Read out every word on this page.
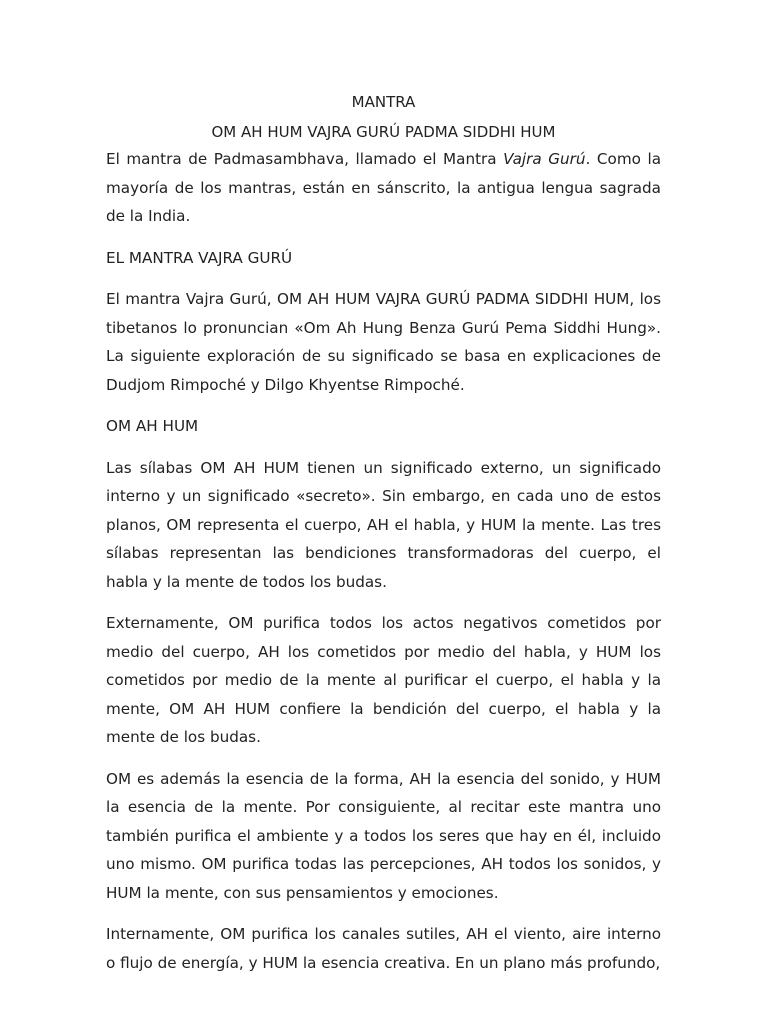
MANTRA
OM AH HUM VAJRA GURÚ PADMA SIDDHI HUM

El mantra de Padmasambhava, llamado el Mantra Vajra Gurú. Como la mayoría de los mantras, están en sánscrito, la antigua lengua sagrada de la India.

EL MANTRA VAJRA GURÚ

El mantra Vajra Gurú, OM AH HUM VAJRA GURÚ PADMA SIDDHI HUM, los tibetanos lo pronuncian «Om Ah Hung Benza Gurú Pema Siddhi Hung». La siguiente exploración de su significado se basa en explicaciones de Dudjom Rimpoché y Dilgo Khyentse Rimpoché.

OM AH HUM

Las sílabas OM AH HUM tienen un significado externo, un significado interno y un significado «secreto». Sin embargo, en cada uno de estos planos, OM representa el cuerpo, AH el habla, y HUM la mente. Las tres sílabas representan las bendiciones transformadoras del cuerpo, el habla y la mente de todos los budas.

Externamente, OM purifica todos los actos negativos cometidos por medio del cuerpo, AH los cometidos por medio del habla, y HUM los cometidos por medio de la mente al purificar el cuerpo, el habla y la mente, OM AH HUM confiere la bendición del cuerpo, el habla y la mente de los budas.

OM es además la esencia de la forma, AH la esencia del sonido, y HUM la esencia de la mente. Por consiguiente, al recitar este mantra uno también purifica el ambiente y a todos los seres que hay en él, incluido uno mismo. OM purifica todas las percepciones, AH todos los sonidos, y HUM la mente, con sus pensamientos y emociones.

Internamente, OM purifica los canales sutiles, AH el viento, aire interno o flujo de energía, y HUM la esencia creativa. En un plano más profundo,
